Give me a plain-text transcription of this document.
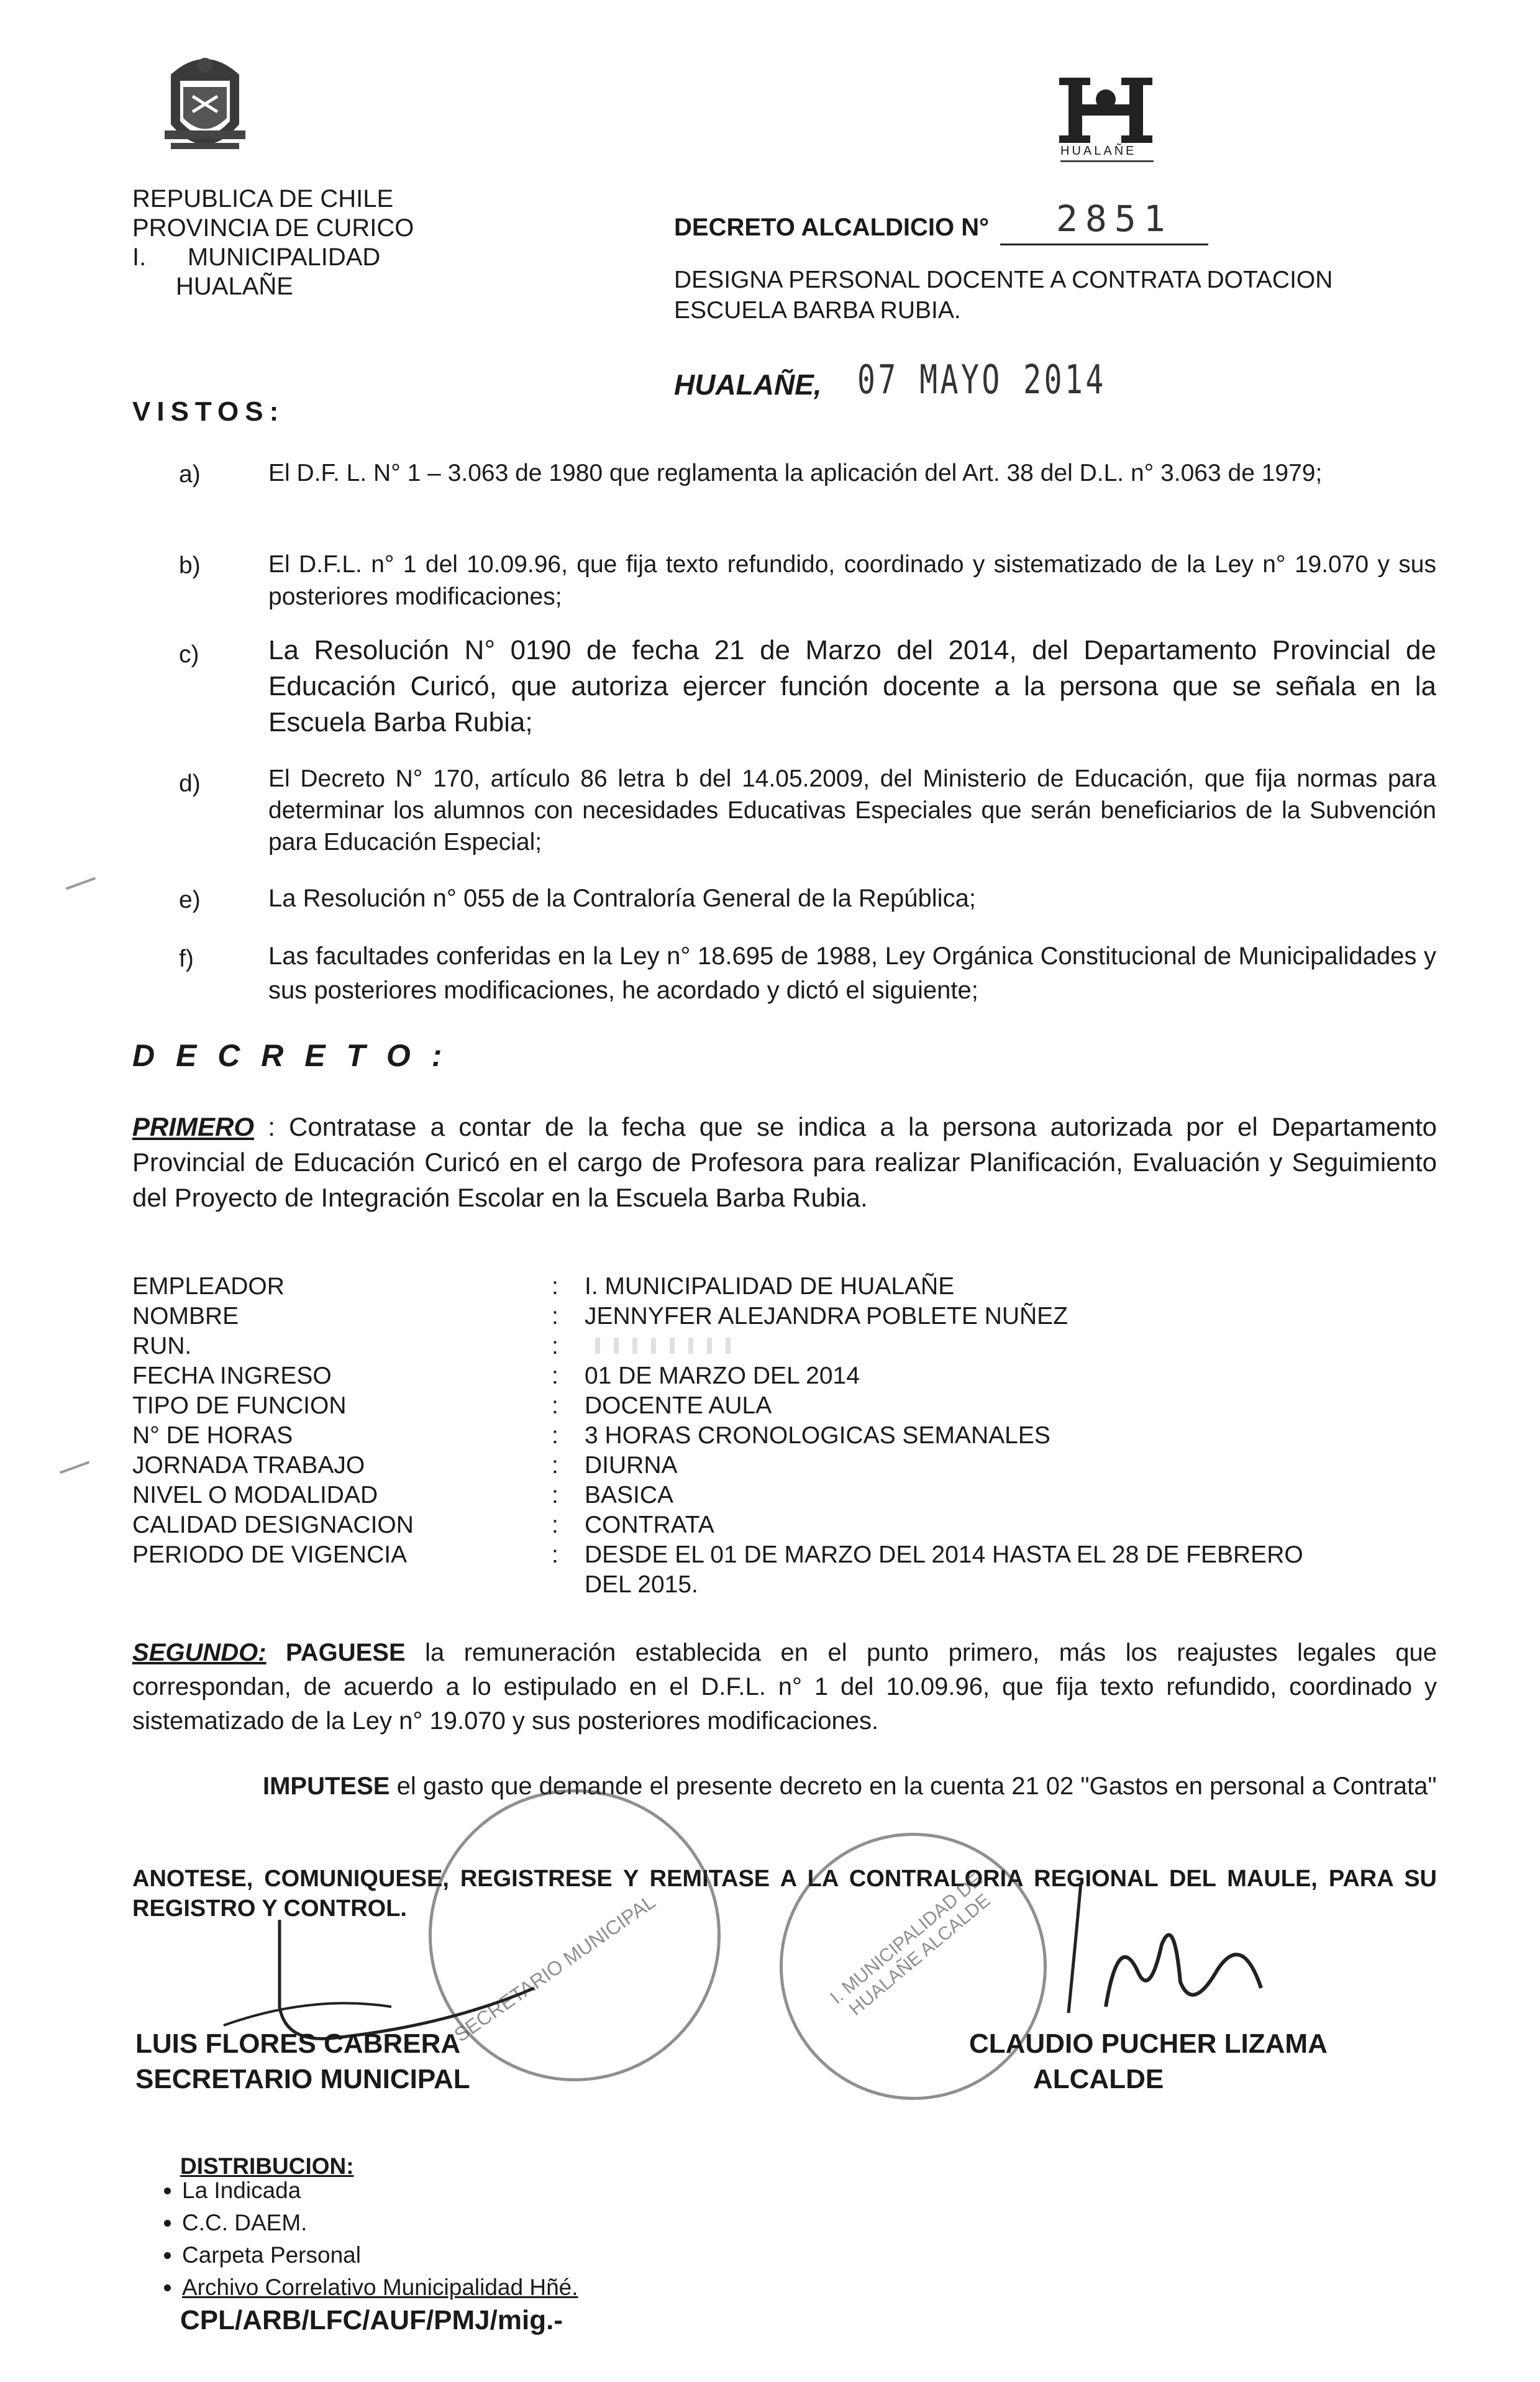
REPUBLICA DE CHILE
PROVINCIA DE CURICO
I.      MUNICIPALIDAD
HUALAÑE
HUALAÑE
DECRETO ALCALDICIO N° 2851
DESIGNA PERSONAL DOCENTE A CONTRATA DOTACION ESCUELA BARBA RUBIA.
HUALAÑE, 07 MAYO 2014
VISTOS:
a)	El D.F. L. N° 1 – 3.063 de 1980 que reglamenta la aplicación del Art. 38 del D.L. n° 3.063 de 1979;
b)	El D.F.L. n° 1 del 10.09.96, que fija texto refundido, coordinado y sistematizado de la Ley n° 19.070 y sus posteriores modificaciones;
c)	La Resolución N° 0190 de fecha 21 de Marzo del 2014, del Departamento Provincial de Educación Curicó, que autoriza ejercer función docente a la persona que se señala en la Escuela Barba Rubia;
d)	El Decreto N° 170, artículo 86 letra b del 14.05.2009, del Ministerio de Educación, que fija normas para determinar los alumnos con necesidades Educativas Especiales que serán beneficiarios de la Subvención para Educación Especial;
e)	La Resolución n° 055 de la Contraloría General de la República;
f)	Las facultades conferidas en la Ley n° 18.695 de 1988, Ley Orgánica Constitucional de Municipalidades y sus posteriores modificaciones, he acordado y dictó el siguiente;
D E C R E T O :
PRIMERO : Contratase a contar de la fecha que se indica a la persona autorizada por el Departamento Provincial de Educación Curicó en el cargo de Profesora para realizar Planificación, Evaluación y Seguimiento del Proyecto de Integración Escolar en la Escuela Barba Rubia.
EMPLEADOR	: I. MUNICIPALIDAD DE HUALAÑE
NOMBRE	: JENNYFER ALEJANDRA POBLETE NUÑEZ
RUN.	:
FECHA INGRESO	: 01 DE MARZO DEL 2014
TIPO DE FUNCION	: DOCENTE AULA
N° DE HORAS	: 3 HORAS CRONOLOGICAS SEMANALES
JORNADA TRABAJO	: DIURNA
NIVEL O MODALIDAD	: BASICA
CALIDAD DESIGNACION	: CONTRATA
PERIODO DE VIGENCIA	: DESDE EL 01 DE MARZO DEL 2014 HASTA EL 28 DE FEBRERO
DEL 2015.
SEGUNDO: PAGUESE la remuneración establecida en el punto primero, más los reajustes legales que correspondan, de acuerdo a lo estipulado en el D.F.L. n° 1 del 10.09.96, que fija texto refundido, coordinado y sistematizado de la Ley n° 19.070 y sus posteriores modificaciones.
IMPUTESE el gasto que demande el presente decreto en la cuenta 21 02 "Gastos en personal a Contrata"
ANOTESE, COMUNIQUESE, REGISTRESE Y REMITASE A LA CONTRALORIA REGIONAL DEL MAULE, PARA SU REGISTRO Y CONTROL.	SECRETARIO MUNICIPAL	I. MUNICIPALIDAD DE HUALAÑE ALCALDE
LUIS FLORES CABRERA
SECRETARIO MUNICIPAL
CLAUDIO PUCHER LIZAMA
ALCALDE
DISTRIBUCION:
• La Indicada
• C.C. DAEM.
• Carpeta Personal
• Archivo Correlativo Municipalidad Hñé.
CPL/ARB/LFC/AUF/PMJ/mig.-
